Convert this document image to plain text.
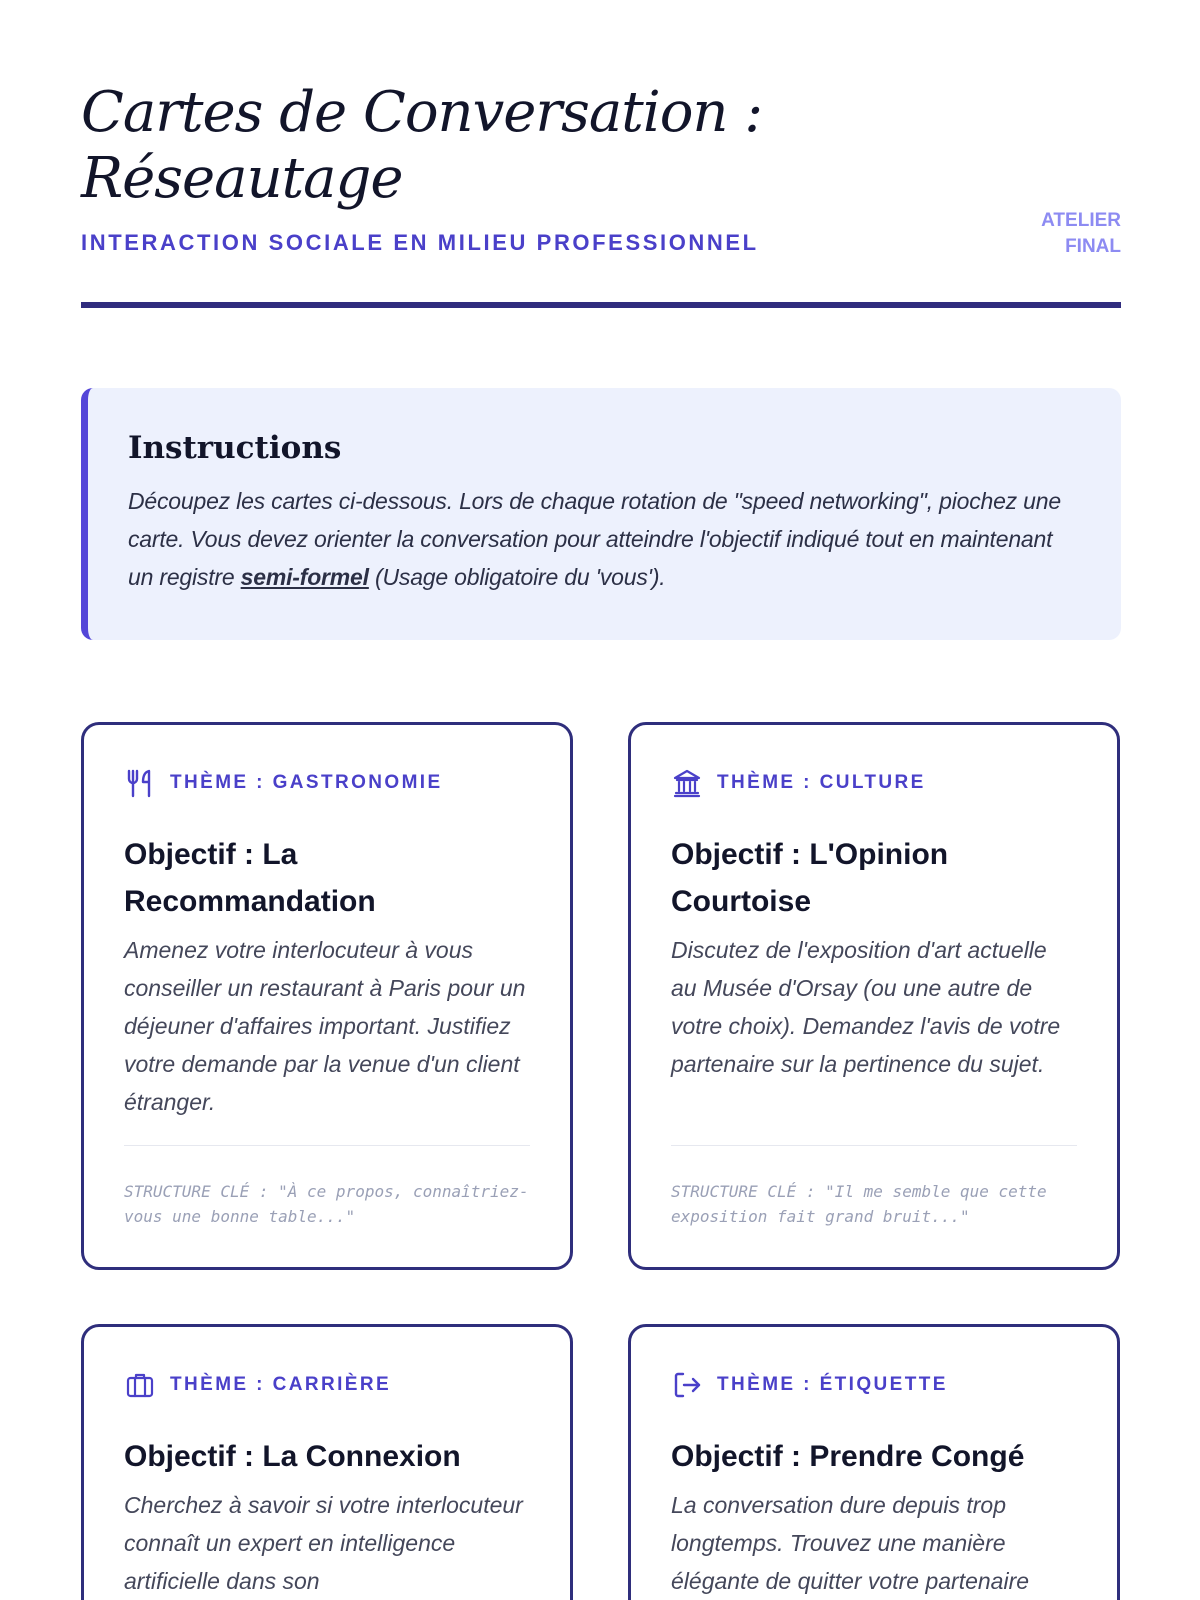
Cartes de Conversation :
Réseautage
INTERACTION SOCIALE EN MILIEU PROFESSIONNEL
ATELIER
FINAL
Instructions

Découpez les cartes ci-dessous. Lors de chaque rotation de "speed networking", piochez une carte. Vous devez orienter la conversation pour atteindre l'objectif indiqué tout en maintenant un registre semi-formel (Usage obligatoire du 'vous').

THÈME : GASTRONOMIE
Objectif : La Recommandation

Amenez votre interlocuteur à vous conseiller un restaurant à Paris pour un déjeuner d'affaires important. Justifiez votre demande par la venue d'un client étranger.

STRUCTURE CLÉ : "À ce propos, connaîtriez-vous une bonne table..."
THÈME : CULTURE
Objectif : L'Opinion Courtoise

Discutez de l'exposition d'art actuelle au Musée d'Orsay (ou une autre de votre choix). Demandez l'avis de votre partenaire sur la pertinence du sujet.

STRUCTURE CLÉ : "Il me semble que cette exposition fait grand bruit..."
THÈME : CARRIÈRE
Objectif : La Connexion

Cherchez à savoir si votre interlocuteur connaît un expert en intelligence artificielle dans son

THÈME : ÉTIQUETTE
Objectif : Prendre Congé

La conversation dure depuis trop longtemps. Trouvez une manière élégante de quitter votre partenaire
